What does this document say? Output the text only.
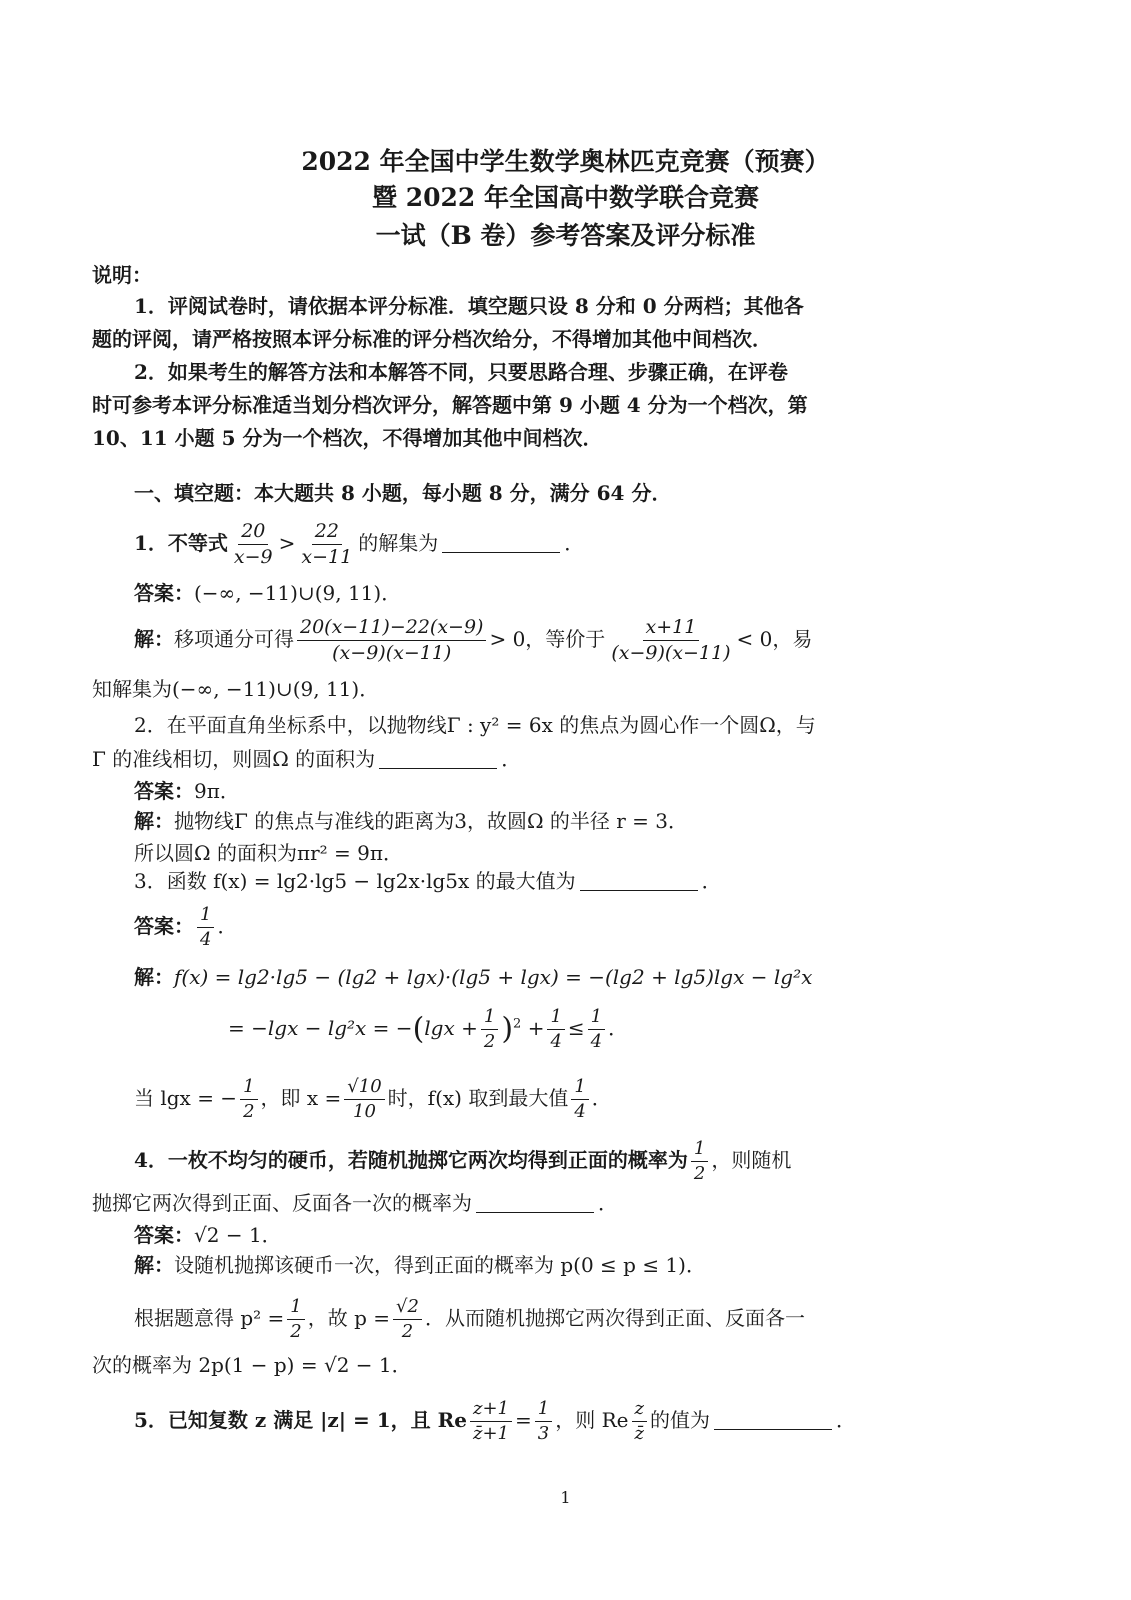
2022 年全国中学生数学奥林匹克竞赛（预赛）
暨 2022 年全国高中数学联合竞赛
一试（B 卷）参考答案及评分标准
说明：
1．评阅试卷时，请依据本评分标准．填空题只设 8 分和 0 分两档；其他各
题的评阅，请严格按照本评分标准的评分档次给分，不得增加其他中间档次．
2．如果考生的解答方法和本解答不同，只要思路合理、步骤正确，在评卷
时可参考本评分标准适当划分档次评分，解答题中第 9 小题 4 分为一个档次，第
10、11 小题 5 分为一个档次，不得增加其他中间档次．
一、填空题：本大题共 8 小题，每小题 8 分，满分 64 分．
1．不等式 $\frac{20}{x-9} > \frac{22}{x-11}$ 的解集为	．
答案：(−∞, −11)∪(9, 11)．
解：移项通分可得 $\frac{20(x-11)-22(x-9)}{(x-9)(x-11)} > 0$，等价于 $\frac{x+11}{(x-9)(x-11)} < 0$，易
知解集为(−∞, −11)∪(9, 11)．
2．在平面直角坐标系中，以抛物线Γ : y² = 6x 的焦点为圆心作一个圆Ω，与
Γ 的准线相切，则圆Ω 的面积为	．
答案：9π．
解：抛物线Γ 的焦点与准线的距离为3，故圆Ω 的半径 r = 3．
所以圆Ω 的面积为πr² = 9π．
3．函数 f(x) = lg2·lg5 − lg2x·lg5x 的最大值为	．
答案： $\frac{1}{4}$ ．
解：f(x) = lg2·lg5 − (lg2 + lgx)·(lg5 + lgx) = −(lg2 + lg5)lgx − lg²x
= $-\lg x - \lg^2x = -(\lg x + \frac{1}{2} )^2 + \frac{1}{4} \le \frac{1}{4}$ ．
当 lgx = − $\frac{1}{2}$ ，即 $x = \frac{√10}{10}$ 时，f(x) 取到最大值 $\frac{1}{4}$ ．
4．一枚不均匀的硬币，若随机抛掷它两次均得到正面的概率为 $\frac{1}{2}$ ，则随机
抛掷它两次得到正面、反面各一次的概率为	．
答案：√2 − 1．
解：设随机抛掷该硬币一次，得到正面的概率为 p(0 ≤ p ≤ 1)．
根据题意得 $p^2 = \frac{1}{2}$ ，故 $p = \frac{√2}{2}$ ．从而随机抛掷它两次得到正面、反面各一
次的概率为 2p(1 − p) = √2 − 1．
5．已知复数 z 满足 |z| = 1，且 Re $\frac{z+1}{z̄+1} = \frac{1}{3}$ ，则 Re $\frac{z}{z̄}$ 的值为	．
1
